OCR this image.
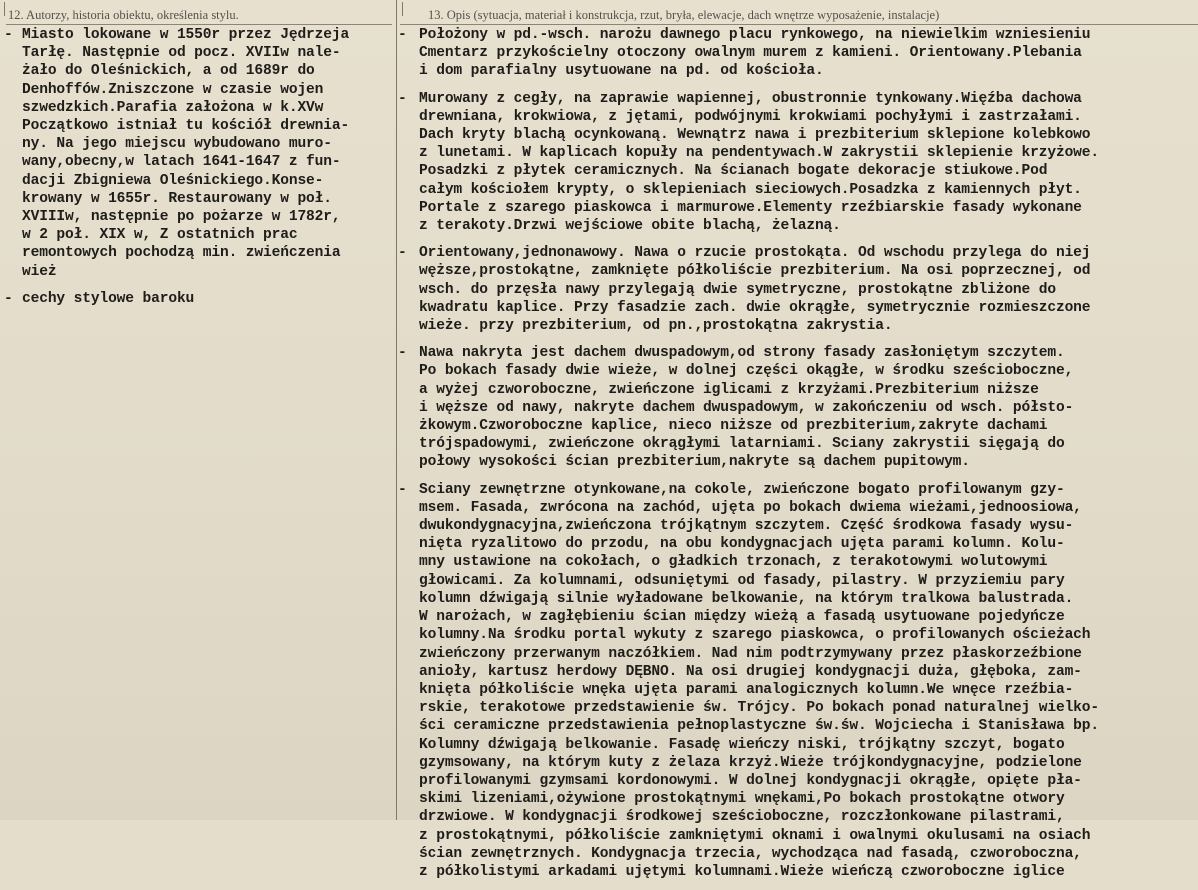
12. Autorzy, historia obiektu, określenia stylu.	13. Opis (sytuacja, materiał i konstrukcja, rzut, bryła, elewacje, dach wnętrze wyposażenie, instalacje)
- Miasto lokowane w 1550r przez Jędrzeja
Tarłę. Następnie od pocz. XVIIw nale-
żało do Oleśnickich, a od 1689r do
Denhoffów.Zniszczone w czasie wojen
szwedzkich.Parafia założona w k.XVw
Początkowo istniał tu kościół drewnia-
ny. Na jego miejscu wybudowano muro-
wany,obecny,w latach 1641-1647 z fun-
dacji Zbigniewa Oleśnickiego.Konse-
krowany w 1655r. Restaurowany w poł.
XVIIIw, następnie po pożarze w 1782r,
w 2 poł. XIX w, Z ostatnich prac
remontowych pochodzą min. zwieńczenia
wież
- cechy stylowe baroku
- Położony w pd.-wsch. narożu dawnego placu rynkowego, na niewielkim wzniesieniu
Cmentarz przykościelny otoczony owalnym murem z kamieni. Orientowany.Plebania
i dom parafialny usytuowane na pd. od kościoła.
- Murowany z cegły, na zaprawie wapiennej, obustronnie tynkowany.Więźba dachowa
drewniana, krokwiowa, z jętami, podwójnymi krokwiami pochyłymi i zastrzałami.
Dach kryty blachą ocynkowaną. Wewnątrz nawa i prezbiterium sklepione kolebkowo
z lunetami. W kaplicach kopuły na pendentywach.W zakrystii sklepienie krzyżowe.
Posadzki z płytek ceramicznych. Na ścianach bogate dekoracje stiukowe.Pod
całym kościołem krypty, o sklepieniach sieciowych.Posadzka z kamiennych płyt.
Portale z szarego piaskowca i marmurowe.Elementy rzeźbiarskie fasady wykonane
z terakoty.Drzwi wejściowe obite blachą, żelazną.
- Orientowany,jednonawowy. Nawa o rzucie prostokąta. Od wschodu przylega do niej
węższe,prostokątne, zamknięte półkoliście prezbiterium. Na osi poprzecznej, od
wsch. do przęsła nawy przylegają dwie symetryczne, prostokątne zbliżone do
kwadratu kaplice. Przy fasadzie zach. dwie okrągłe, symetrycznie rozmieszczone
wieże. przy prezbiterium, od pn.,prostokątna zakrystia.
- Nawa nakryta jest dachem dwuspadowym,od strony fasady zasłoniętym szczytem.
Po bokach fasady dwie wieże, w dolnej części okągłe, w środku sześcioboczne,
a wyżej czworoboczne, zwieńczone iglicami z krzyżami.Prezbiterium niższe
i węższe od nawy, nakryte dachem dwuspadowym, w zakończeniu od wsch. półsto-
żkowym.Czworoboczne kaplice, nieco niższe od prezbiterium,zakryte dachami
trójspadowymi, zwieńczone okrągłymi latarniami. Sciany zakrystii sięgają do
połowy wysokości ścian prezbiterium,nakryte są dachem pupitowym.
- Sciany zewnętrzne otynkowane,na cokole, zwieńczone bogato profilowanym gzy-
msem. Fasada, zwrócona na zachód, ujęta po bokach dwiema wieżami,jednoosiowa,
dwukondygnacyjna,zwieńczona trójkątnym szczytem. Część środkowa fasady wysu-
nięta ryzalitowo do przodu, na obu kondygnacjach ujęta parami kolumn. Kolu-
mny ustawione na cokołach, o gładkich trzonach, z terakotowymi wolutowymi
głowicami. Za kolumnami, odsuniętymi od fasady, pilastry. W przyziemiu pary
kolumn dźwigają silnie wyładowane belkowanie, na którym tralkowa balustrada.
W narożach, w zagłębieniu ścian między wieżą a fasadą usytuowane pojedyńcze
kolumny.Na środku portal wykuty z szarego piaskowca, o profilowanych ościeżach
zwieńczony przerwanym naczółkiem. Nad nim podtrzymywany przez płaskorzeźbione
anioły, kartusz herdowy DĘBNO. Na osi drugiej kondygnacji duża, głęboka, zam-
knięta półkoliście wnęka ujęta parami analogicznych kolumn.We wnęce rzeźbia-
rskie, terakotowe przedstawienie św. Trójcy. Po bokach ponad naturalnej wielko-
ści ceramiczne przedstawienia pełnoplastyczne św.św. Wojciecha i Stanisława bp.
Kolumny dźwigają belkowanie. Fasadę wieńczy niski, trójkątny szczyt, bogato
gzymsowany, na którym kuty z żelaza krzyż.Wieże trójkondygnacyjne, podzielone
profilowanymi gzymsami kordonowymi. W dolnej kondygnacji okrągłe, opięte pła-
skimi lizeniami,ożywione prostokątnymi wnękami,Po bokach prostokątne otwory
drzwiowe. W kondygnacji środkowej sześcioboczne, rozczłonkowane pilastrami,
z prostokątnymi, półkoliście zamkniętymi oknami i owalnymi okulusami na osiach
ścian zewnętrznych. Kondygnacja trzecia, wychodząca nad fasadą, czworoboczna,
z półkolistymi arkadami ujętymi kolumnami.Wieże wieńczą czworoboczne iglice
